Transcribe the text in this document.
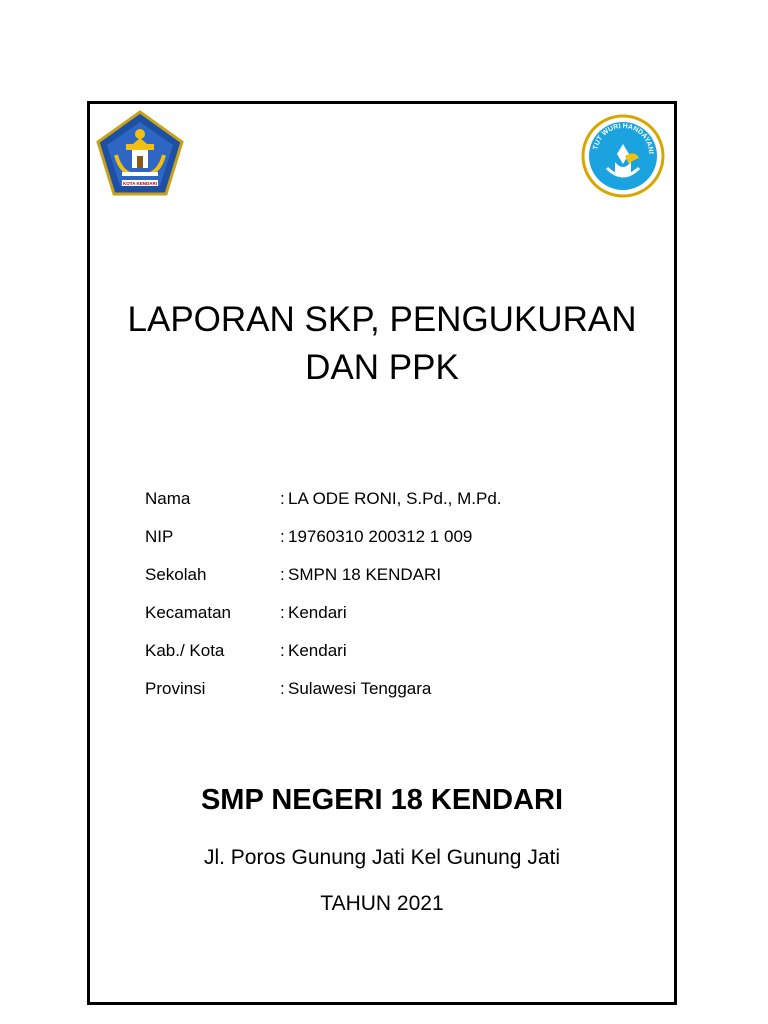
KOTA KENDARI
TUT WURI HANDAYANI
LAPORAN SKP, PENGUKURAN
DAN PPK
Nama	: LA ODE RONI, S.Pd., M.Pd.
NIP	: 19760310 200312 1 009
Sekolah	: SMPN 18 KENDARI
Kecamatan	: Kendari
Kab./ Kota	: Kendari
Provinsi	: Sulawesi Tenggara
SMP NEGERI 18 KENDARI
Jl. Poros Gunung Jati Kel Gunung Jati
TAHUN 2021
